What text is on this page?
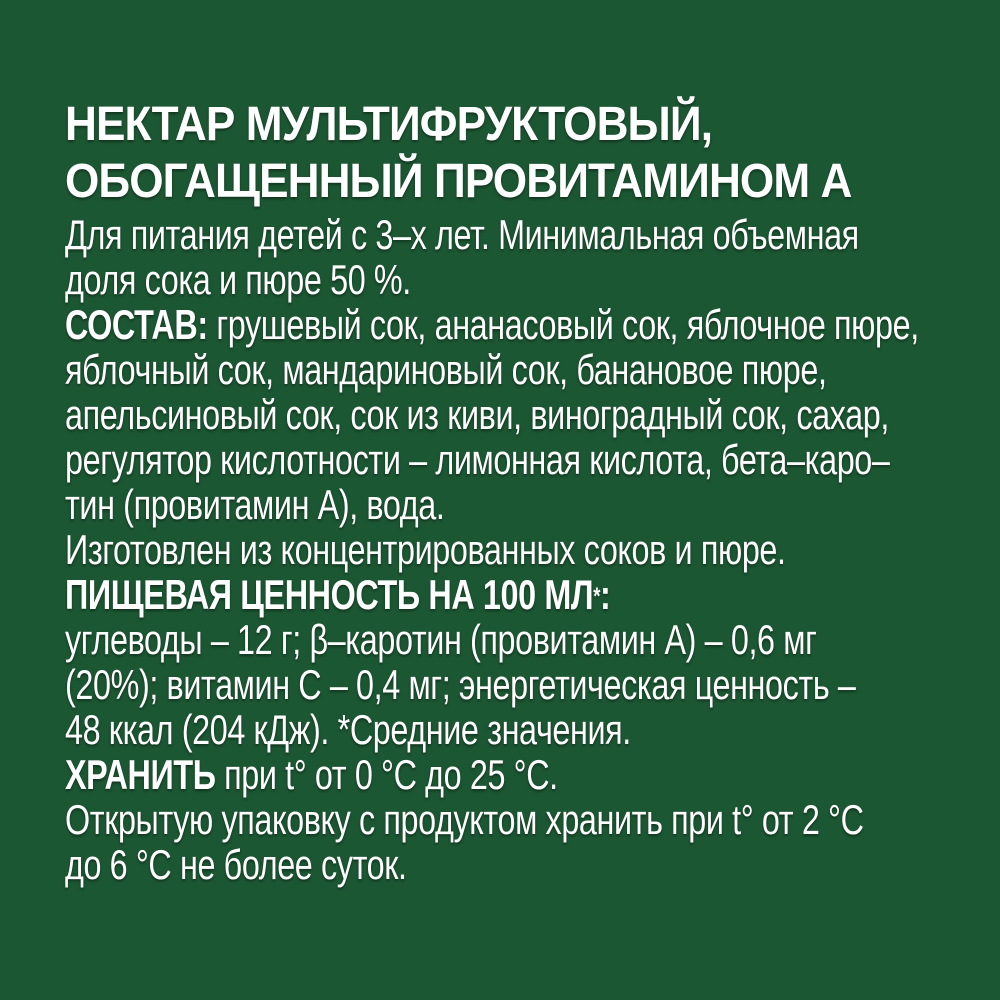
НЕКТАР МУЛЬТИФРУКТОВЫЙ,
ОБОГАЩЕННЫЙ ПРОВИТАМИНОМ А
Для питания детей с 3–х лет. Минимальная объемная
доля сока и пюре 50 %.
СОСТАВ: грушевый сок, ананасовый сок, яблочное пюре,
яблочный сок, мандариновый сок, банановое пюре,
апельсиновый сок, сок из киви, виноградный сок, сахар,
регулятор кислотности – лимонная кислота, бета–каро–
тин (провитамин А), вода.
Изготовлен из концентрированных соков и пюре.
ПИЩЕВАЯ ЦЕННОСТЬ НА 100 МЛ*:
углеводы – 12 г; β–каротин (провитамин А) – 0,6 мг
(20%); витамин С – 0,4 мг; энергетическая ценность –
48 ккал (204 кДж). *Средние значения.
ХРАНИТЬ при t° от 0 °С до 25 °С.
Открытую упаковку с продуктом хранить при t° от 2 °С
до 6 °С не более суток.
